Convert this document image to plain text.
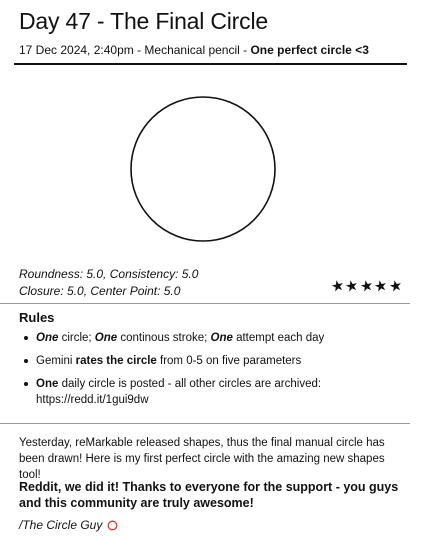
Day 47 - The Final Circle
17 Dec 2024, 2:40pm - Mechanical pencil - One perfect circle <3
Roundness: 5.0, Consistency: 5.0
Closure: 5.0, Center Point: 5.0	★
★
★
★
★
Rules
One circle; One continous stroke; One attempt each day
Gemini rates the circle from 0-5 on five parameters
One daily circle is posted - all other circles are archived: https://redd.it/1gui9dw
Yesterday, reMarkable released shapes, thus the final manual circle has been drawn! Here is my first perfect circle with the amazing new shapes tool!
Reddit, we did it! Thanks to everyone for the support - you guys and this community are truly awesome!
/The Circle Guy
